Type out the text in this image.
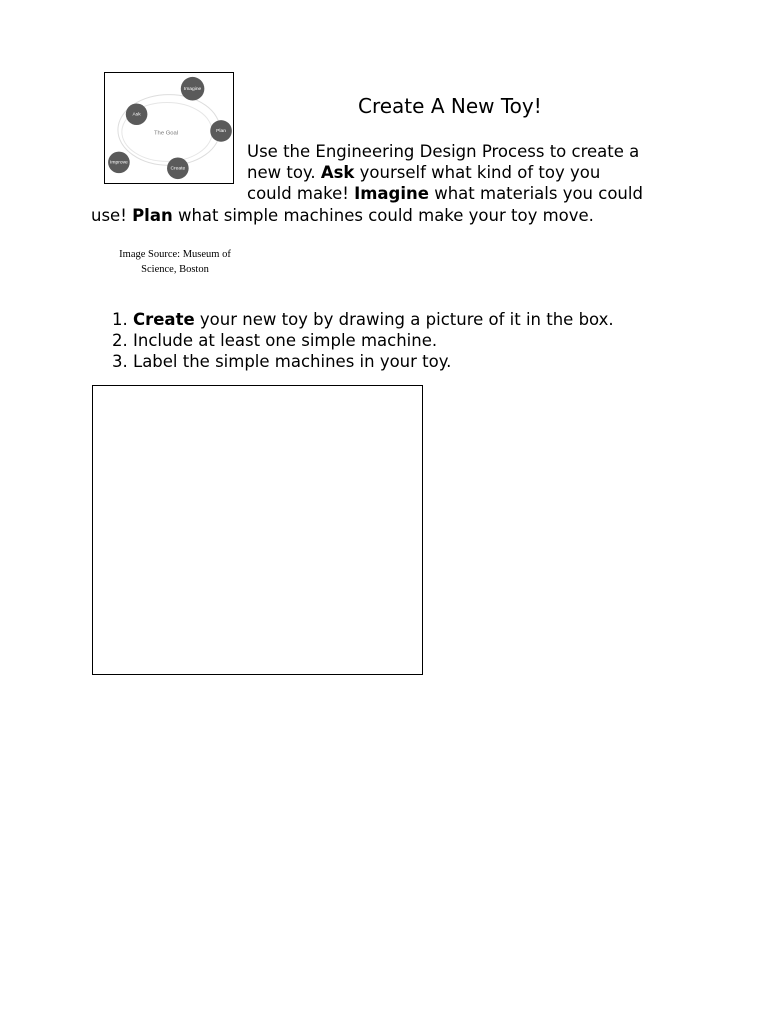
The Goal
Imagine
Plan
Create
Improve
Ask	Create A New Toy!
Use the Engineering Design Process to create a
new toy. Ask yourself what kind of toy you
could make! Imagine what materials you could
use! Plan what simple machines could make your toy move.
Image Source: Museum of
Science, Boston
1. Create your new toy by drawing a picture of it in the box.
2. Include at least one simple machine.
3. Label the simple machines in your toy.
